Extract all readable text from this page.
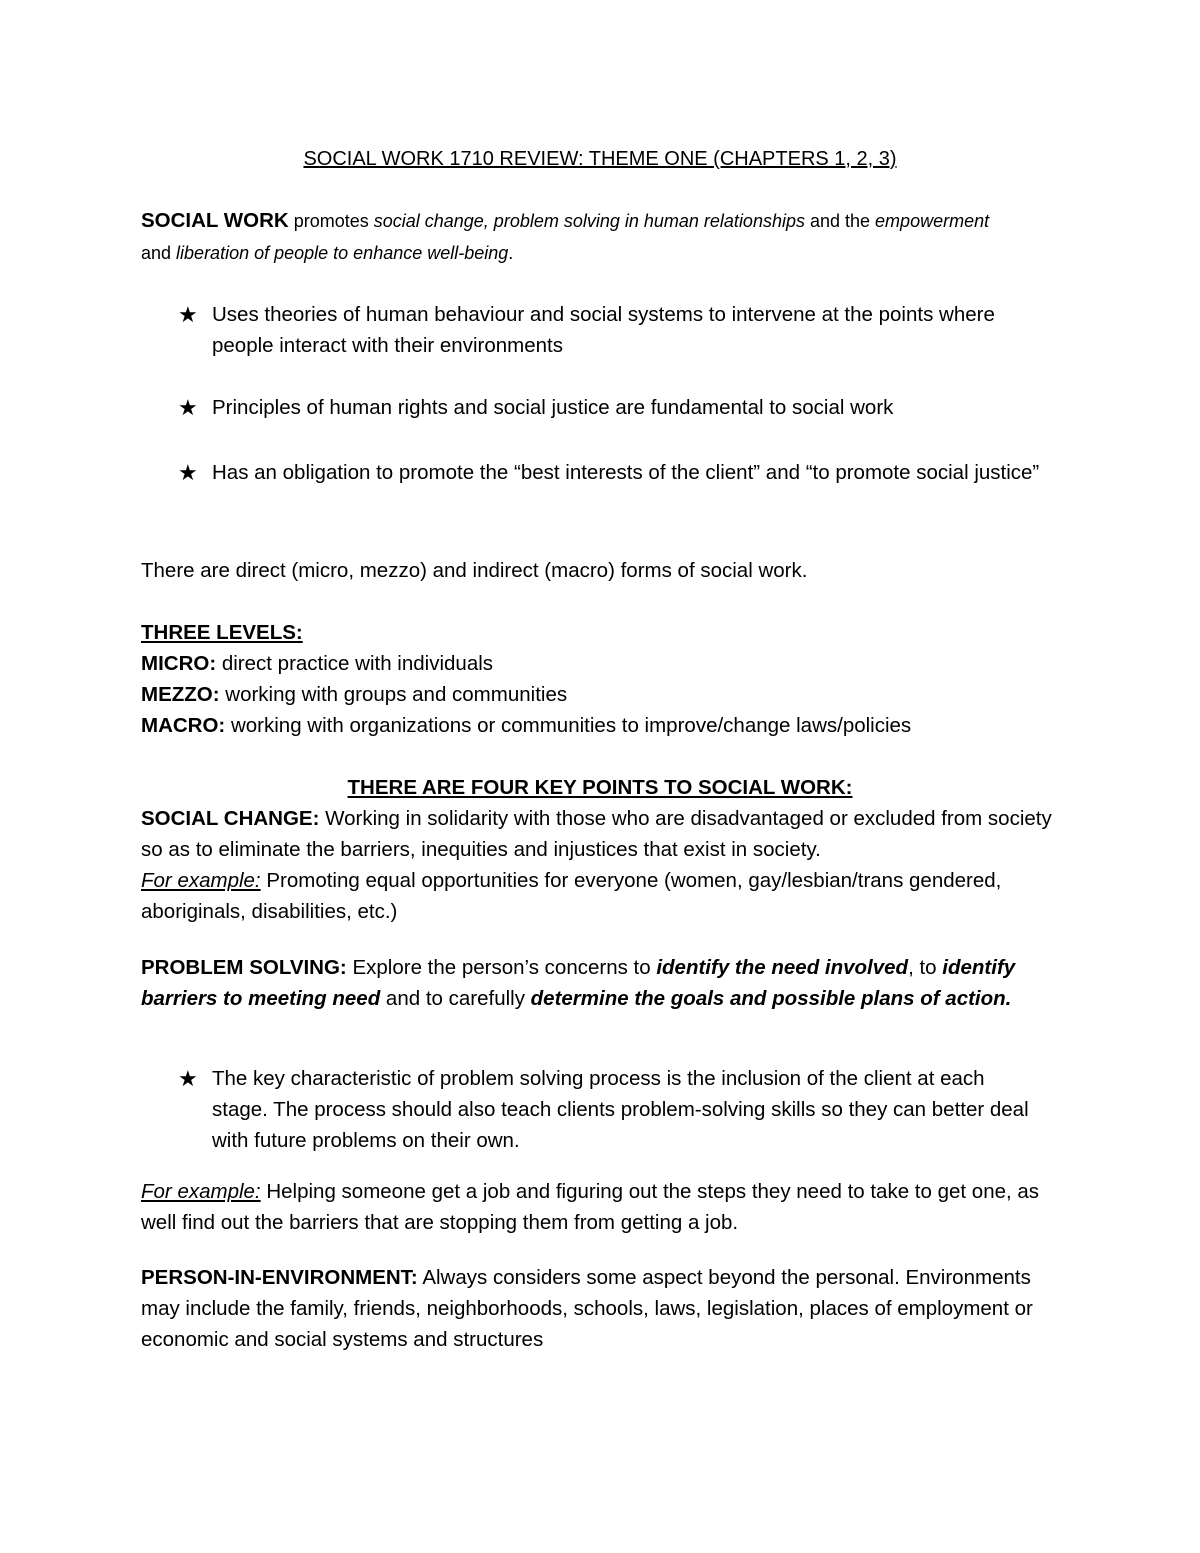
SOCIAL WORK 1710 REVIEW: THEME ONE (CHAPTERS 1, 2, 3)
SOCIAL WORK promotes social change, problem solving in human relationships and the empowerment
and liberation of people to enhance well-being.
★ Uses theories of human behaviour and social systems to intervene at the points where people interact with their environments
★ Principles of human rights and social justice are fundamental to social work
★ Has an obligation to promote the “best interests of the client” and “to promote social justice”
There are direct (micro, mezzo) and indirect (macro) forms of social work.
THREE LEVELS:
MICRO: direct practice with individuals
MEZZO: working with groups and communities
MACRO: working with organizations or communities to improve/change laws/policies
THERE ARE FOUR KEY POINTS TO SOCIAL WORK:
SOCIAL CHANGE: Working in solidarity with those who are disadvantaged or excluded from society so as to eliminate the barriers, inequities and injustices that exist in society.
For example: Promoting equal opportunities for everyone (women, gay/lesbian/trans gendered, aboriginals, disabilities, etc.)
PROBLEM SOLVING: Explore the person’s concerns to identify the need involved, to identify barriers to meeting need and to carefully determine the goals and possible plans of action.
★ The key characteristic of problem solving process is the inclusion of the client at each stage. The process should also teach clients problem-solving skills so they can better deal with future problems on their own.
For example: Helping someone get a job and figuring out the steps they need to take to get one, as well find out the barriers that are stopping them from getting a job.
PERSON-IN-ENVIRONMENT: Always considers some aspect beyond the personal. Environments may include the family, friends, neighborhoods, schools, laws, legislation, places of employment or economic and social systems and structures
